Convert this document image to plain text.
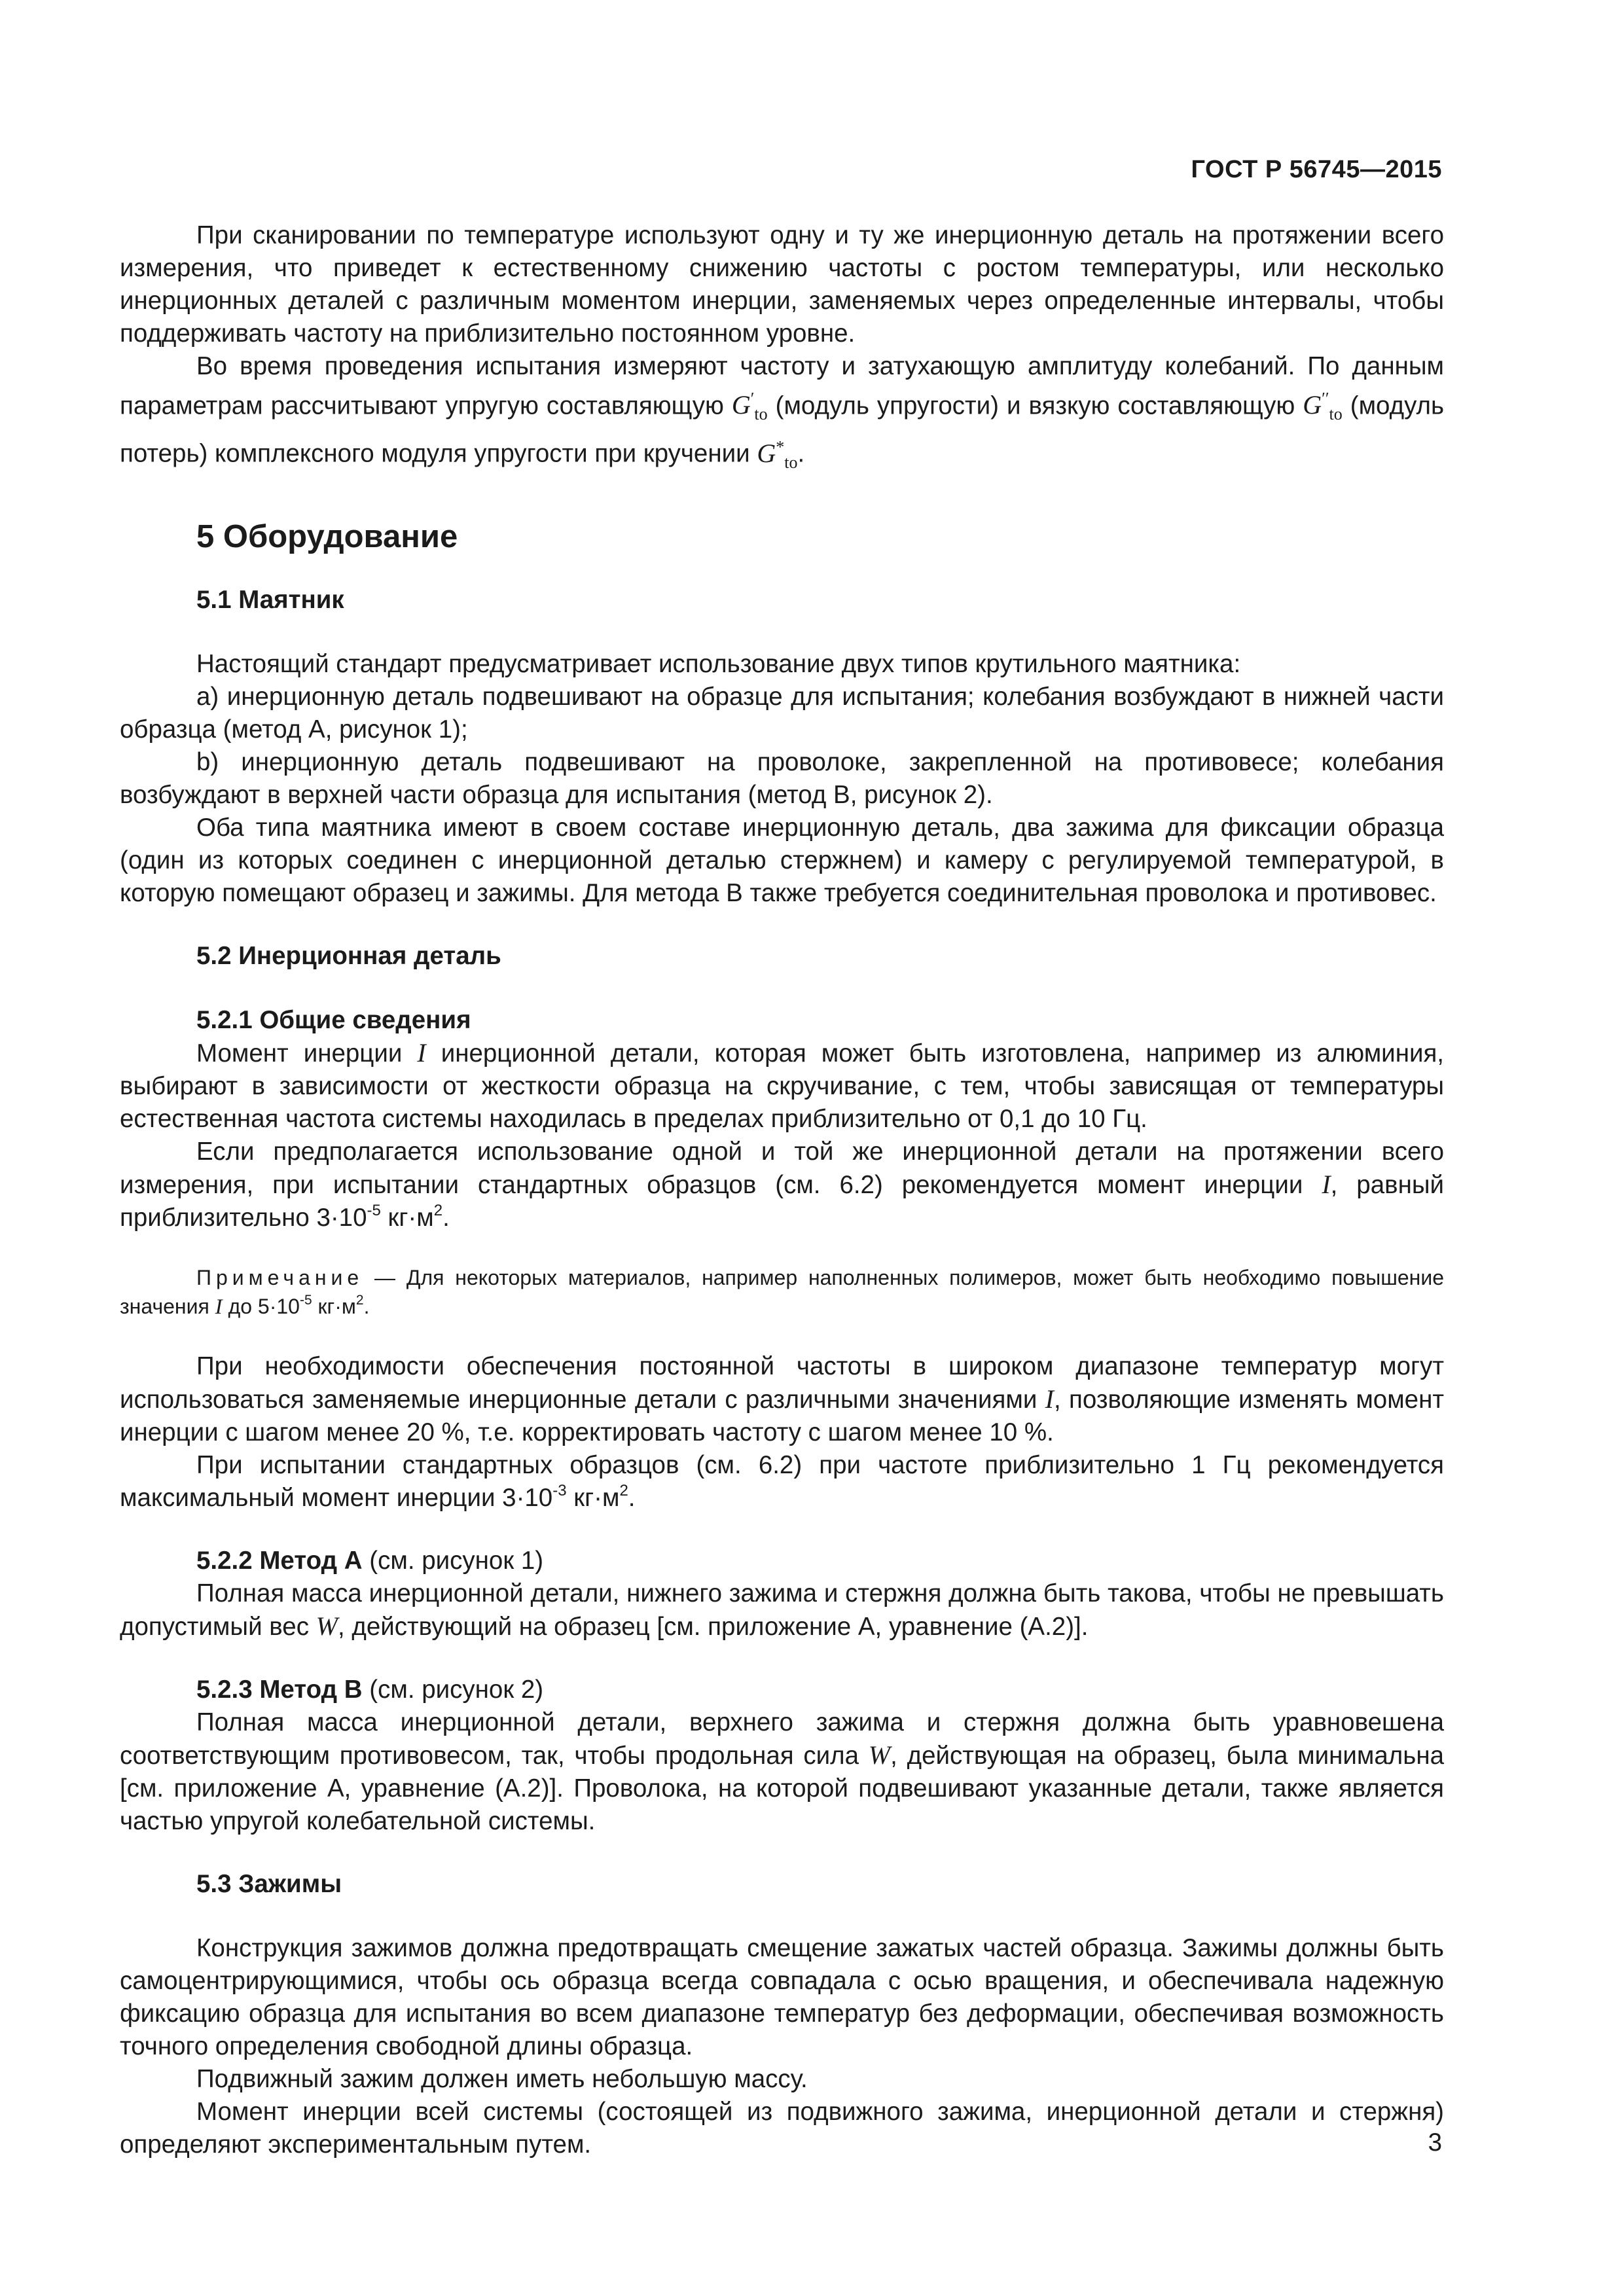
ГОСТ Р 56745—2015

При сканировании по температуре используют одну и ту же инерционную деталь на протяжении всего измерения, что приведет к естественному снижению частоты с ростом температуры, или несколько инерционных деталей с различным моментом инерции, заменяемых через определенные интервалы, чтобы поддерживать частоту на приблизительно постоянном уровне.

Во время проведения испытания измеряют частоту и затухающую амплитуду колебаний. По данным параметрам рассчитывают упругую составляющую $G'_{to}$ (модуль упругости) и вязкую составляющую $G''_{to}$ (модуль потерь) комплексного модуля упругости при кручении $G^*_{to}$.

5 Оборудование
5.1 Маятник

Настоящий стандарт предусматривает использование двух типов крутильного маятника:

а) инерционную деталь подвешивают на образце для испытания; колебания возбуждают в нижней части образца (метод А, рисунок 1);

b) инерционную деталь подвешивают на проволоке, закрепленной на противовесе; колебания возбуждают в верхней части образца для испытания (метод В, рисунок 2).

Оба типа маятника имеют в своем составе инерционную деталь, два зажима для фиксации образца (один из которых соединен с инерционной деталью стержнем) и камеру с регулируемой температурой, в которую помещают образец и зажимы. Для метода В также требуется соединительная проволока и противовес.

5.2 Инерционная деталь
5.2.1 Общие сведения

Момент инерции I инерционной детали, которая может быть изготовлена, например из алюминия, выбирают в зависимости от жесткости образца на скручивание, с тем, чтобы зависящая от температуры естественная частота системы находилась в пределах приблизительно от 0,1 до 10 Гц.

Если предполагается использование одной и той же инерционной детали на протяжении всего измерения, при испытании стандартных образцов (см. 6.2) рекомендуется момент инерции I, равный приблизительно $3\cdot 10^{-5}$ $кг\cdot м^2$.

Примечание — Для некоторых материалов, например наполненных полимеров, может быть необходимо повышение значения I до $5\cdot 10^{-5}$ $кг\cdot м^2$.

При необходимости обеспечения постоянной частоты в широком диапазоне температур могут использоваться заменяемые инерционные детали с различными значениями I, позволяющие изменять момент инерции с шагом менее 20 %, т.е. корректировать частоту с шагом менее 10 %.

При испытании стандартных образцов (см. 6.2) при частоте приблизительно 1 Гц рекомендуется максимальный момент инерции $3\cdot 10^{-3}$ $кг\cdot м^2$.

5.2.2 Метод А (см. рисунок 1)

Полная масса инерционной детали, нижнего зажима и стержня должна быть такова, чтобы не превышать допустимый вес W, действующий на образец [см. приложение А, уравнение (А.2)].

5.2.3 Метод В (см. рисунок 2)

Полная масса инерционной детали, верхнего зажима и стержня должна быть уравновешена соответствующим противовесом, так, чтобы продольная сила W, действующая на образец, была минимальна [см. приложение А, уравнение (А.2)]. Проволока, на которой подвешивают указанные детали, также является частью упругой колебательной системы.

5.3 Зажимы

Конструкция зажимов должна предотвращать смещение зажатых частей образца. Зажимы должны быть самоцентрирующимися, чтобы ось образца всегда совпадала с осью вращения, и обеспечивала надежную фиксацию образца для испытания во всем диапазоне температур без деформации, обеспечивая возможность точного определения свободной длины образца.

Подвижный зажим должен иметь небольшую массу.

Момент инерции всей системы (состоящей из подвижного зажима, инерционной детали и стержня) определяют экспериментальным путем.	3
